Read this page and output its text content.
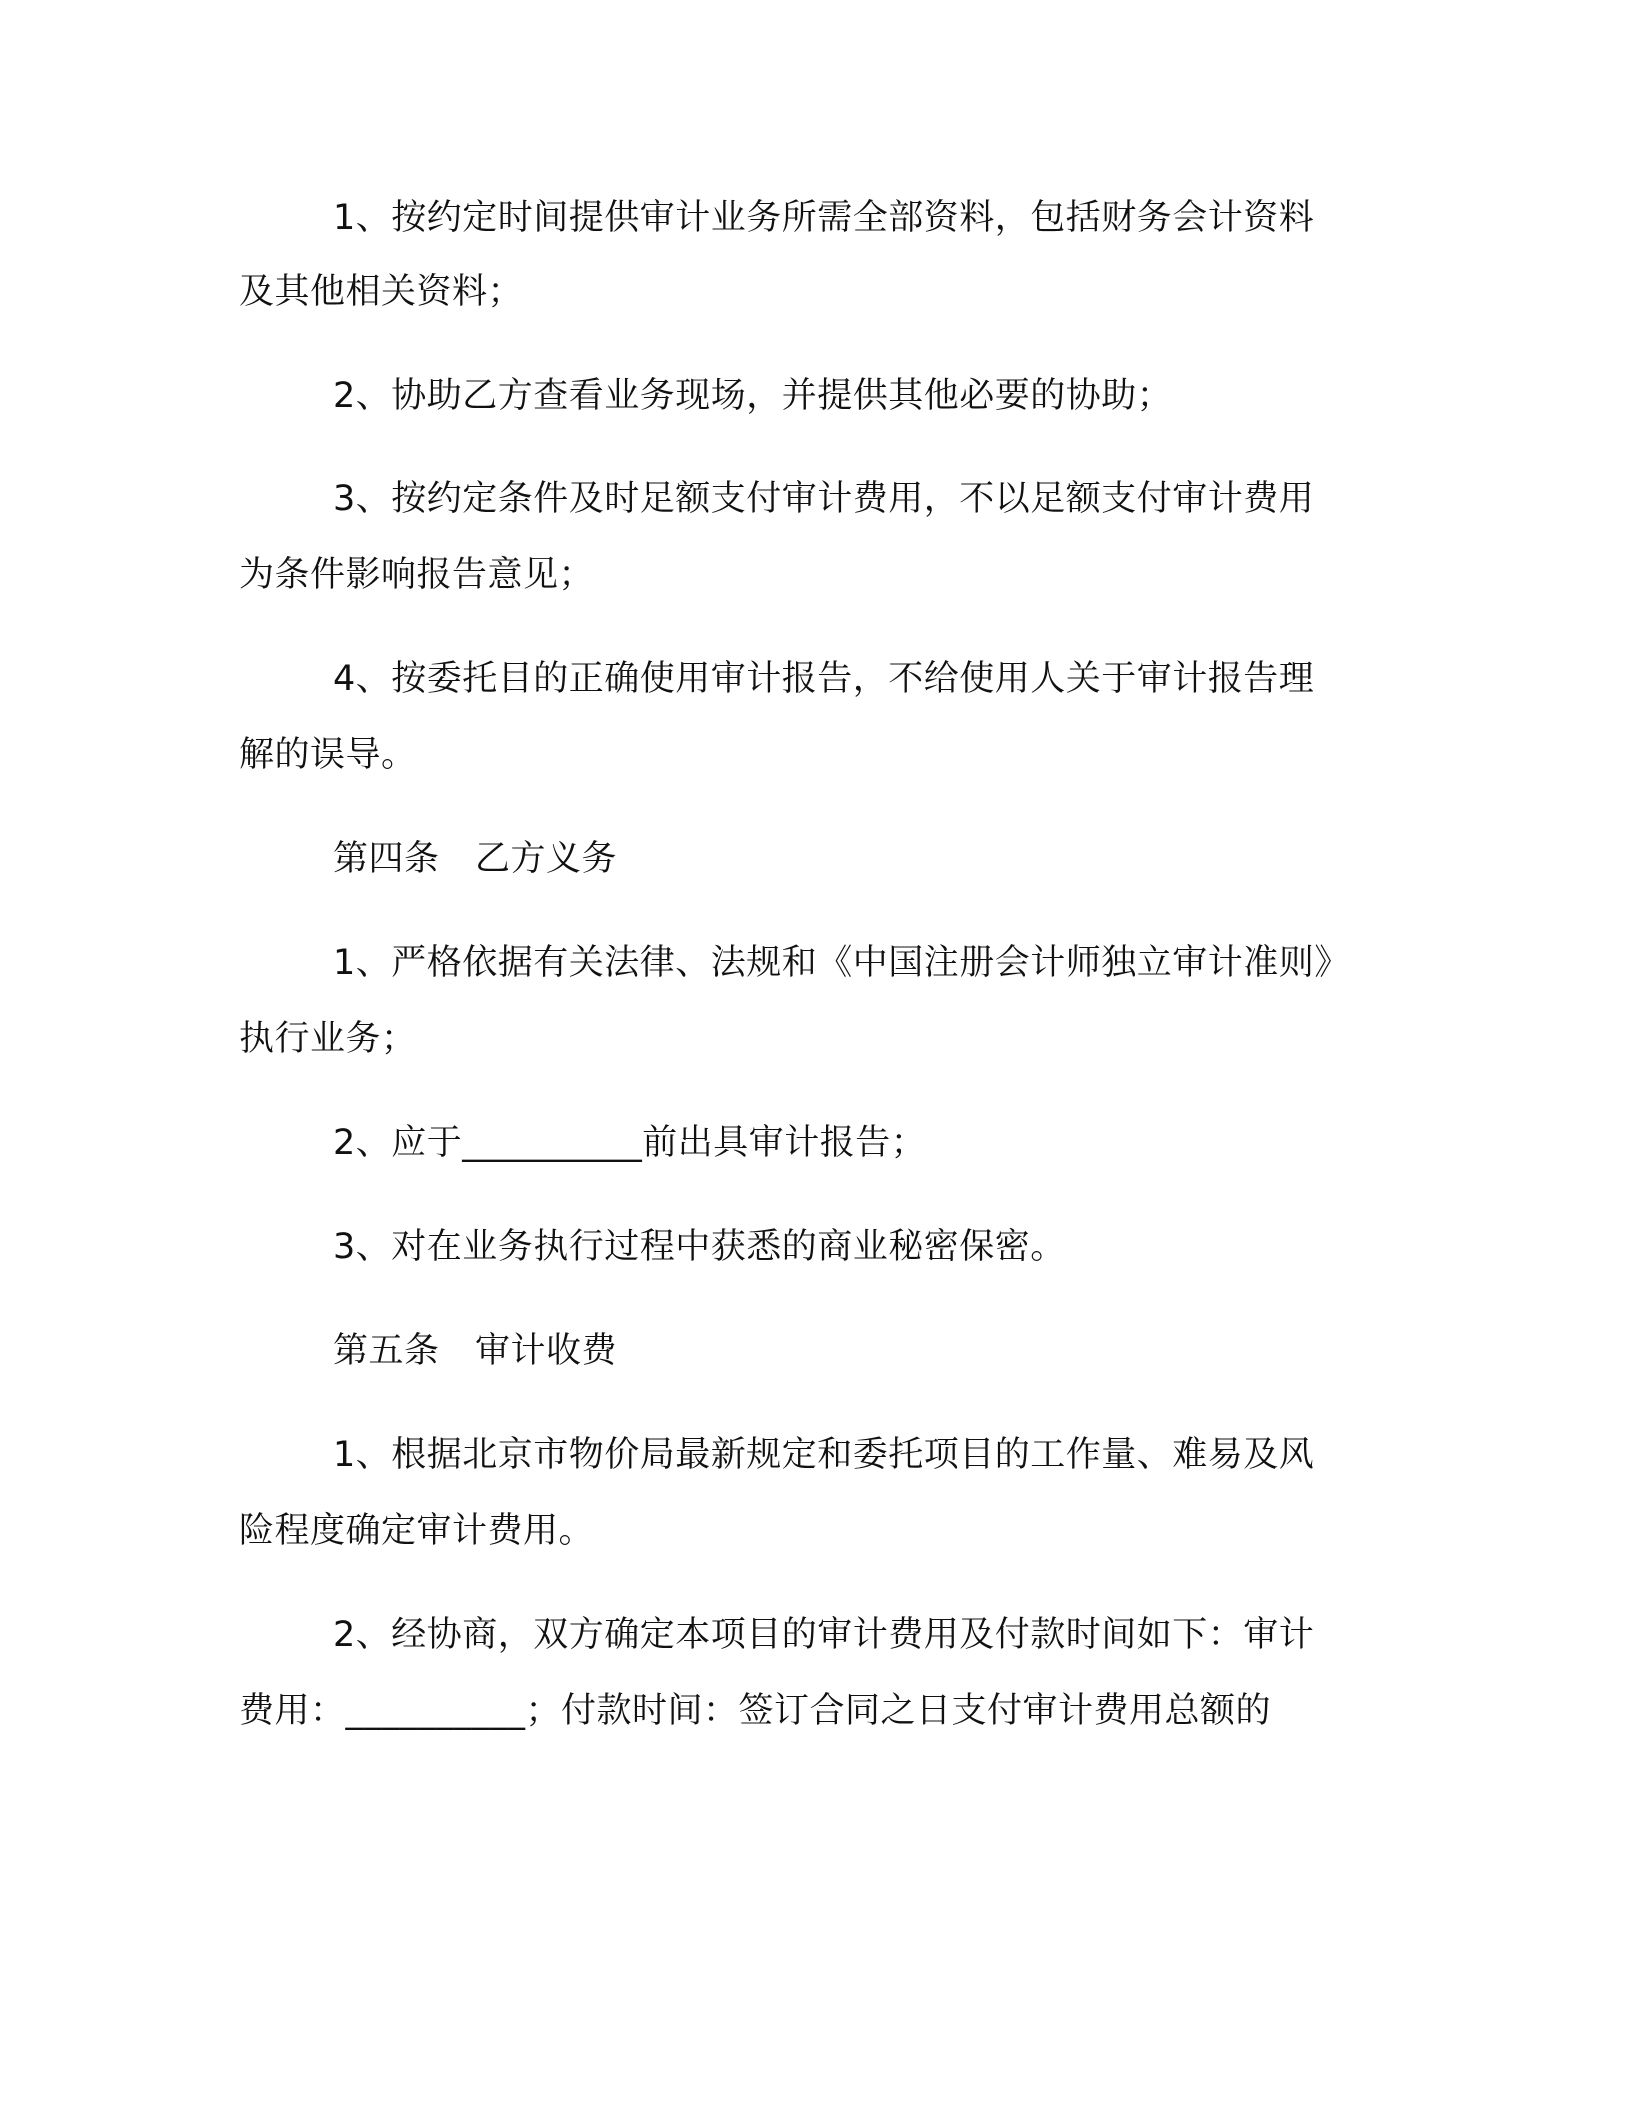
1、按约定时间提供审计业务所需全部资料，包括财务会计资料
及其他相关资料；
2、协助乙方查看业务现场，并提供其他必要的协助；
3、按约定条件及时足额支付审计费用，不以足额支付审计费用
为条件影响报告意见；
4、按委托目的正确使用审计报告，不给使用人关于审计报告理
解的误导。
第四条　乙方义务
1、严格依据有关法律、法规和《中国注册会计师独立审计准则》
执行业务；
2、应于__________前出具审计报告；
3、对在业务执行过程中获悉的商业秘密保密。
第五条　审计收费
1、根据北京市物价局最新规定和委托项目的工作量、难易及风
险程度确定审计费用。
2、经协商，双方确定本项目的审计费用及付款时间如下：审计
费用：__________；付款时间：签订合同之日支付审计费用总额的
